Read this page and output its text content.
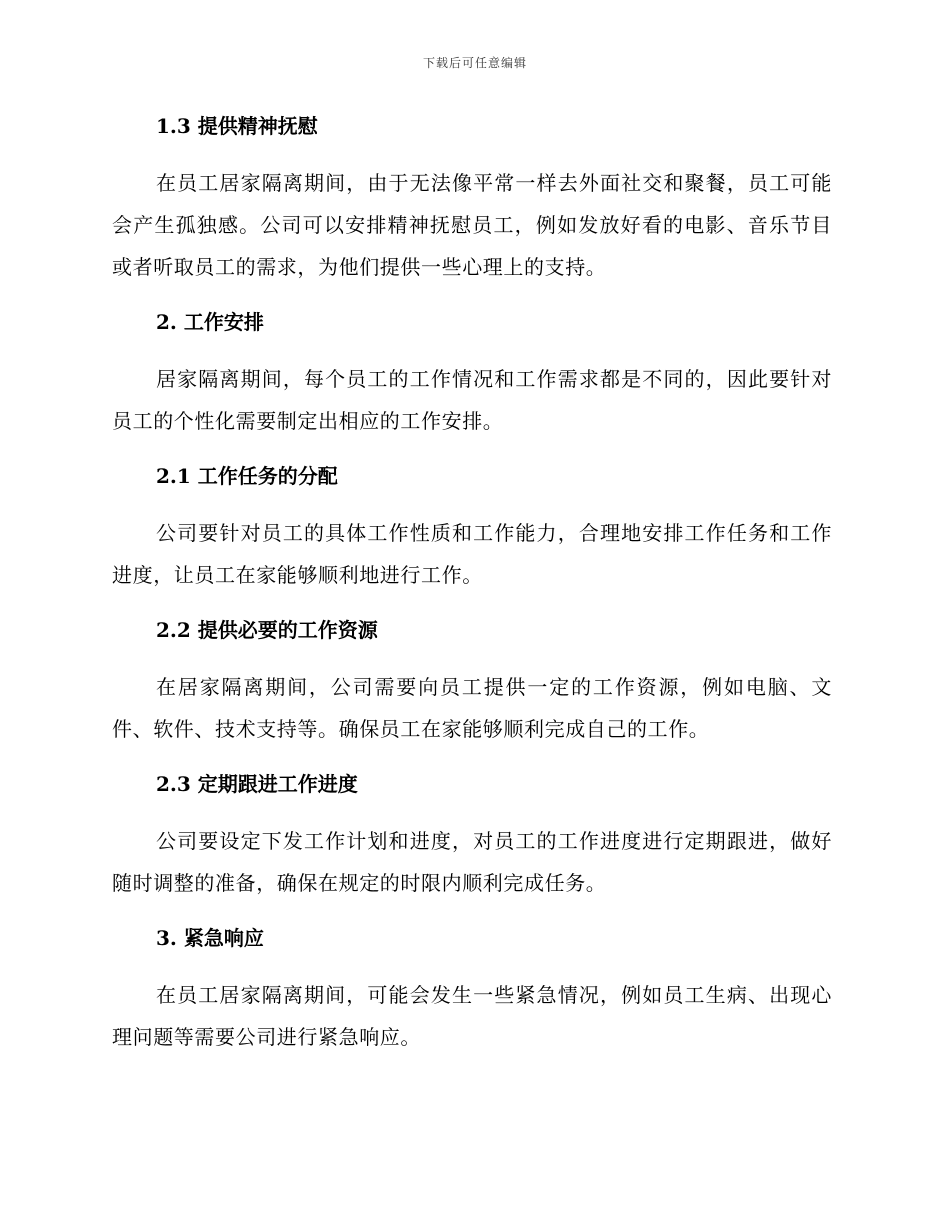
下载后可任意编辑
1.3 提供精神抚慰

在员工居家隔离期间，由于无法像平常一样去外面社交和聚餐，员工可能会产生孤独感。公司可以安排精神抚慰员工，例如发放好看的电影、音乐节目或者听取员工的需求，为他们提供一些心理上的支持。

2. 工作安排

居家隔离期间，每个员工的工作情况和工作需求都是不同的，因此要针对员工的个性化需要制定出相应的工作安排。

2.1 工作任务的分配

公司要针对员工的具体工作性质和工作能力，合理地安排工作任务和工作进度，让员工在家能够顺利地进行工作。

2.2 提供必要的工作资源

在居家隔离期间，公司需要向员工提供一定的工作资源，例如电脑、文件、软件、技术支持等。确保员工在家能够顺利完成自己的工作。

2.3 定期跟进工作进度

公司要设定下发工作计划和进度，对员工的工作进度进行定期跟进，做好随时调整的准备，确保在规定的时限内顺利完成任务。

3. 紧急响应

在员工居家隔离期间，可能会发生一些紧急情况，例如员工生病、出现心理问题等需要公司进行紧急响应。
